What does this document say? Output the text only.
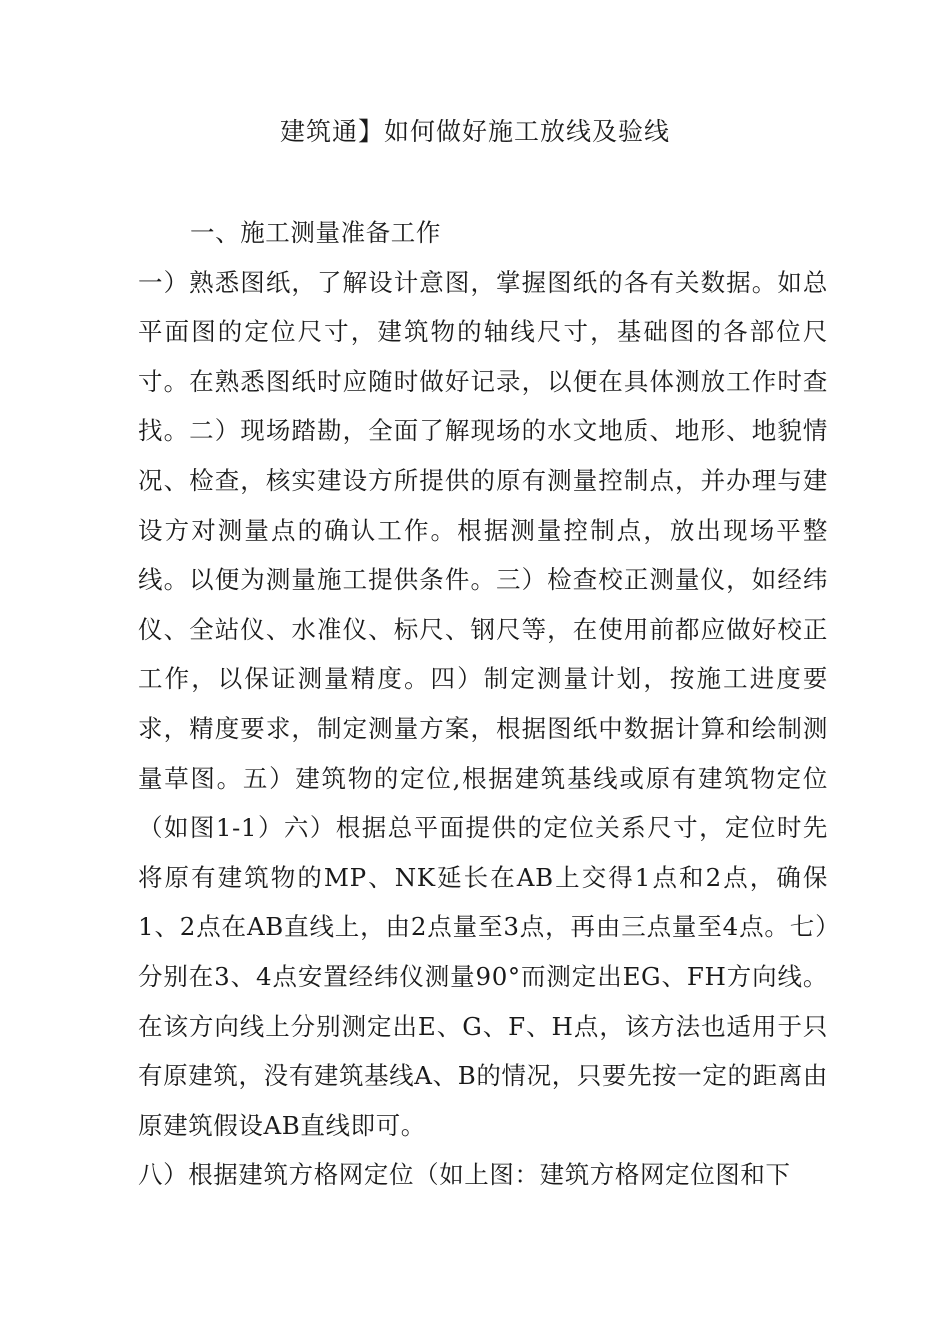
建筑通】如何做好施工放线及验线

一、施工测量准备工作

一）熟悉图纸，了解设计意图，掌握图纸的各有关数据。如总平面图的定位尺寸，建筑物的轴线尺寸，基础图的各部位尺寸。在熟悉图纸时应随时做好记录，以便在具体测放工作时查找。二）现场踏勘，全面了解现场的水文地质、地形、地貌情况、检查，核实建设方所提供的原有测量控制点，并办理与建设方对测量点的确认工作。根据测量控制点，放出现场平整线。以便为测量施工提供条件。三）检查校正测量仪，如经纬仪、全站仪、水准仪、标尺、钢尺等，在使用前都应做好校正工作，以保证测量精度。四）制定测量计划，按施工进度要求，精度要求，制定测量方案，根据图纸中数据计算和绘制测量草图。五）建筑物的定位,根据建筑基线或原有建筑物定位（如图1-1）六）根据总平面提供的定位关系尺寸，定位时先将原有建筑物的MP、NK延长在AB上交得1点和2点，确保1、2点在AB直线上，由2点量至3点，再由三点量至4点。七）分别在3、4点安置经纬仪测量90°而测定出EG、FH方向线。在该方向线上分别测定出E、G、F、H点，该方法也适用于只有原建筑，没有建筑基线A、B的情况，只要先按一定的距离由原建筑假设AB直线即可。

八）根据建筑方格网定位（如上图：建筑方格网定位图和下
